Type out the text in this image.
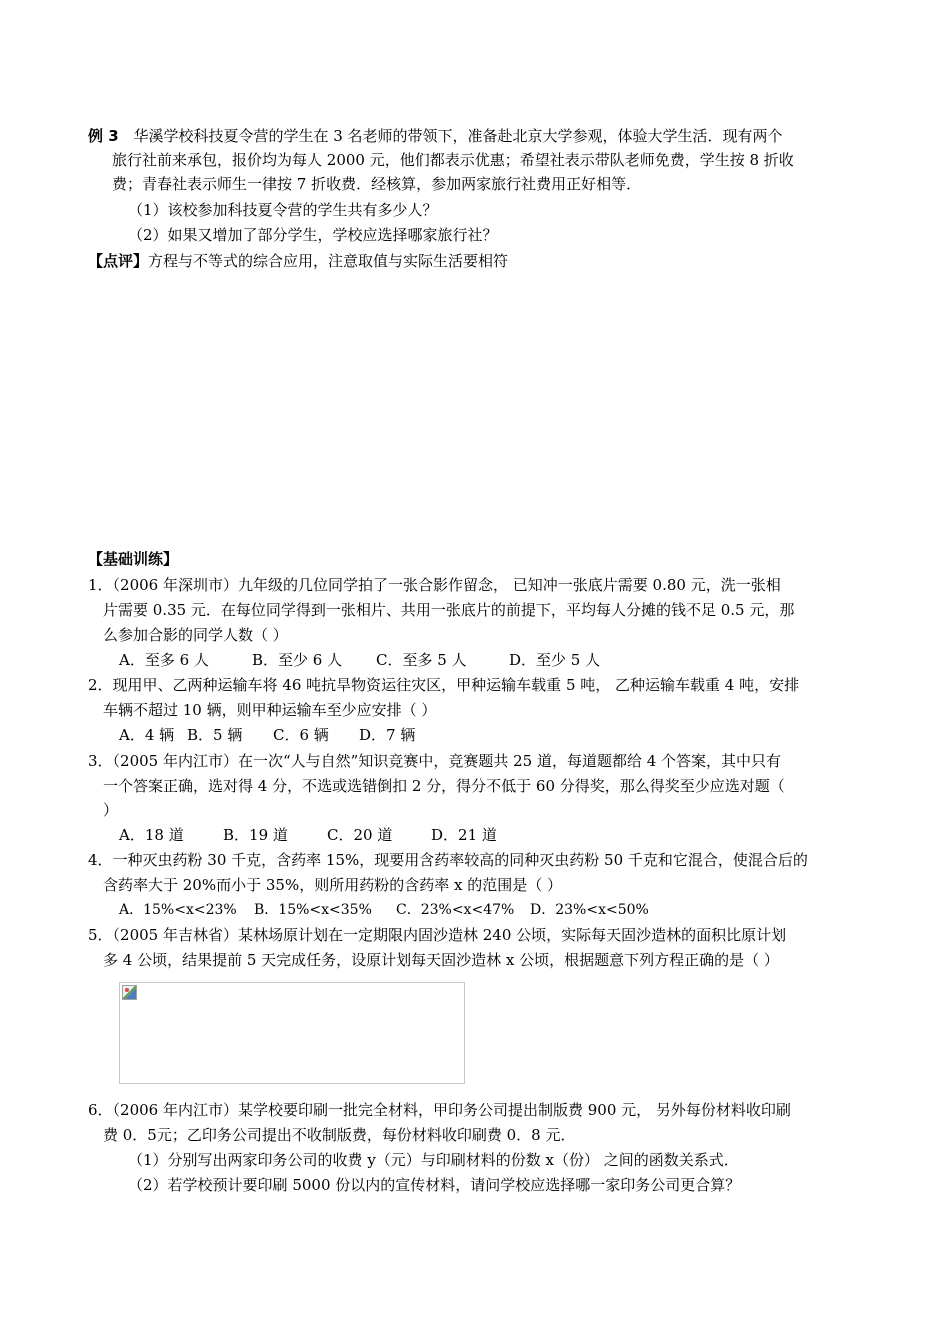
例 3 华溪学校科技夏令营的学生在 3 名老师的带领下，准备赴北京大学参观，体验大学生活．现有两个
旅行社前来承包，报价均为每人 2000 元，他们都表示优惠；希望社表示带队老师免费，学生按 8 折收
费；青春社表示师生一律按 7 折收费．经核算，参加两家旅行社费用正好相等．
（1）该校参加科技夏令营的学生共有多少人？
（2）如果又增加了部分学生，学校应选择哪家旅行社？
【点评】方程与不等式的综合应用，注意取值与实际生活要相符
【基础训练】
1．（2006 年深圳市）九年级的几位同学拍了一张合影作留念， 已知冲一张底片需要 0.80 元，洗一张相
片需要 0.35 元．在每位同学得到一张相片、共用一张底片的前提下，平均每人分摊的钱不足 0.5 元，那
么参加合影的同学人数（ ）
A．至多 6 人	B．至少 6 人 C．至多 5 人	D．至少 5 人
2．现用甲、乙两种运输车将 46 吨抗旱物资运往灾区，甲种运输车载重 5 吨， 乙种运输车载重 4 吨，安排
车辆不超过 10 辆，则甲种运输车至少应安排（ ）
A．4 辆 B．5 辆 C．6 辆 D．7 辆
3．（2005 年内江市）在一次“人与自然”知识竞赛中，竞赛题共 25 道，每道题都给 4 个答案，其中只有
一个答案正确，选对得 4 分，不选或选错倒扣 2 分，得分不低于 60 分得奖，那么得奖至少应选对题（
）
A．18 道	B．19 道	C．20 道	D．21 道
4．一种灭虫药粉 30 千克，含药率 15%，现要用含药率较高的同种灭虫药粉 50 千克和它混合，使混合后的
含药率大于 20%而小于 35%，则所用药粉的含药率 x 的范围是（ ）
A．15%<x<23% B．15%<x<35% C．23%<x<47% D．23%<x<50%
5．（2005 年吉林省）某林场原计划在一定期限内固沙造林 240 公顷，实际每天固沙造林的面积比原计划
多 4 公顷，结果提前 5 天完成任务，设原计划每天固沙造林 x 公顷，根据题意下列方程正确的是（ ）
6．（2006 年内江市）某学校要印刷一批完全材料，甲印务公司提出制版费 900 元， 另外每份材料收印刷
费 0．5元；乙印务公司提出不收制版费，每份材料收印刷费 0．8 元．
（1）分别写出两家印务公司的收费 y（元）与印刷材料的份数 x（份） 之间的函数关系式．
（2）若学校预计要印刷 5000 份以内的宣传材料，请问学校应选择哪一家印务公司更合算？
